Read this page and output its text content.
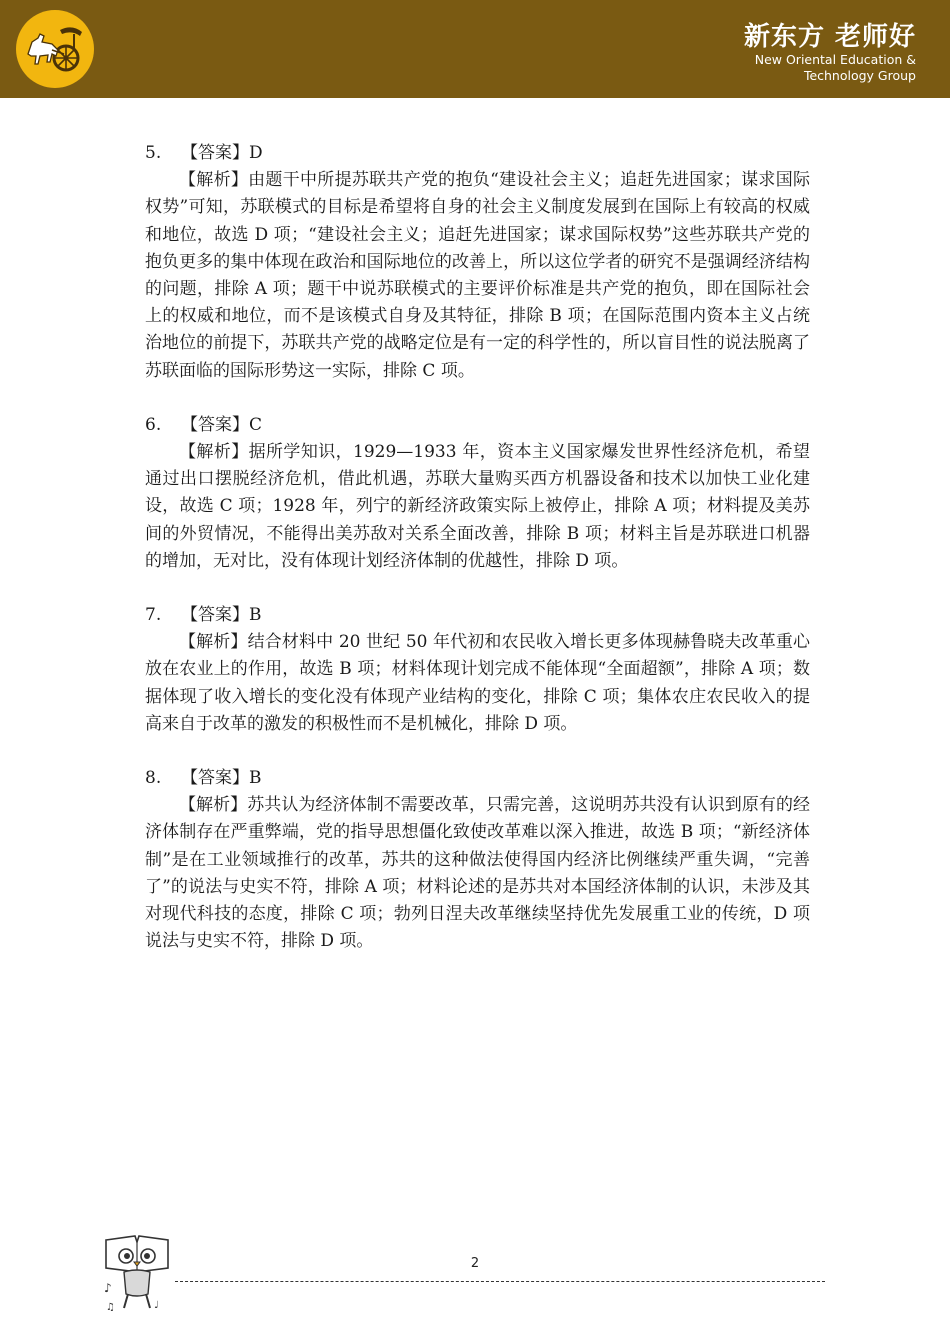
新东方 老师好
New Oriental Education &
Technology Group
5.	【答案】D

【解析】由题干中所提苏联共产党的抱负“建设社会主义；追赶先进国家；谋求国际权势”可知，苏联模式的目标是希望将自身的社会主义制度发展到在国际上有较高的权威和地位，故选 D 项；“建设社会主义；追赶先进国家；谋求国际权势”这些苏联共产党的抱负更多的集中体现在政治和国际地位的改善上，所以这位学者的研究不是强调经济结构的问题，排除 A 项；题干中说苏联模式的主要评价标准是共产党的抱负，即在国际社会上的权威和地位，而不是该模式自身及其特征，排除 B 项；在国际范围内资本主义占统治地位的前提下，苏联共产党的战略定位是有一定的科学性的，所以盲目性的说法脱离了苏联面临的国际形势这一实际，排除 C 项。

6.	【答案】C

【解析】据所学知识，1929—1933 年，资本主义国家爆发世界性经济危机，希望通过出口摆脱经济危机，借此机遇，苏联大量购买西方机器设备和技术以加快工业化建设，故选 C 项；1928 年，列宁的新经济政策实际上被停止，排除 A 项；材料提及美苏间的外贸情况，不能得出美苏敌对关系全面改善，排除 B 项；材料主旨是苏联进口机器的增加，无对比，没有体现计划经济体制的优越性，排除 D 项。

7.	【答案】B

【解析】结合材料中 20 世纪 50 年代初和农民收入增长更多体现赫鲁晓夫改革重心放在农业上的作用，故选 B 项；材料体现计划完成不能体现“全面超额”，排除 A 项；数据体现了收入增长的变化没有体现产业结构的变化，排除 C 项；集体农庄农民收入的提高来自于改革的激发的积极性而不是机械化，排除 D 项。

8.	【答案】B

【解析】苏共认为经济体制不需要改革，只需完善，这说明苏共没有认识到原有的经济体制存在严重弊端，党的指导思想僵化致使改革难以深入推进，故选 B 项；“新经济体制”是在工业领域推行的改革，苏共的这种做法使得国内经济比例继续严重失调，“完善了”的说法与史实不符，排除 A 项；材料论述的是苏共对本国经济体制的认识，未涉及其对现代科技的态度，排除 C 项；勃列日涅夫改革继续坚持优先发展重工业的传统，D 项说法与史实不符，排除 D 项。

♪
♫	♩
2
